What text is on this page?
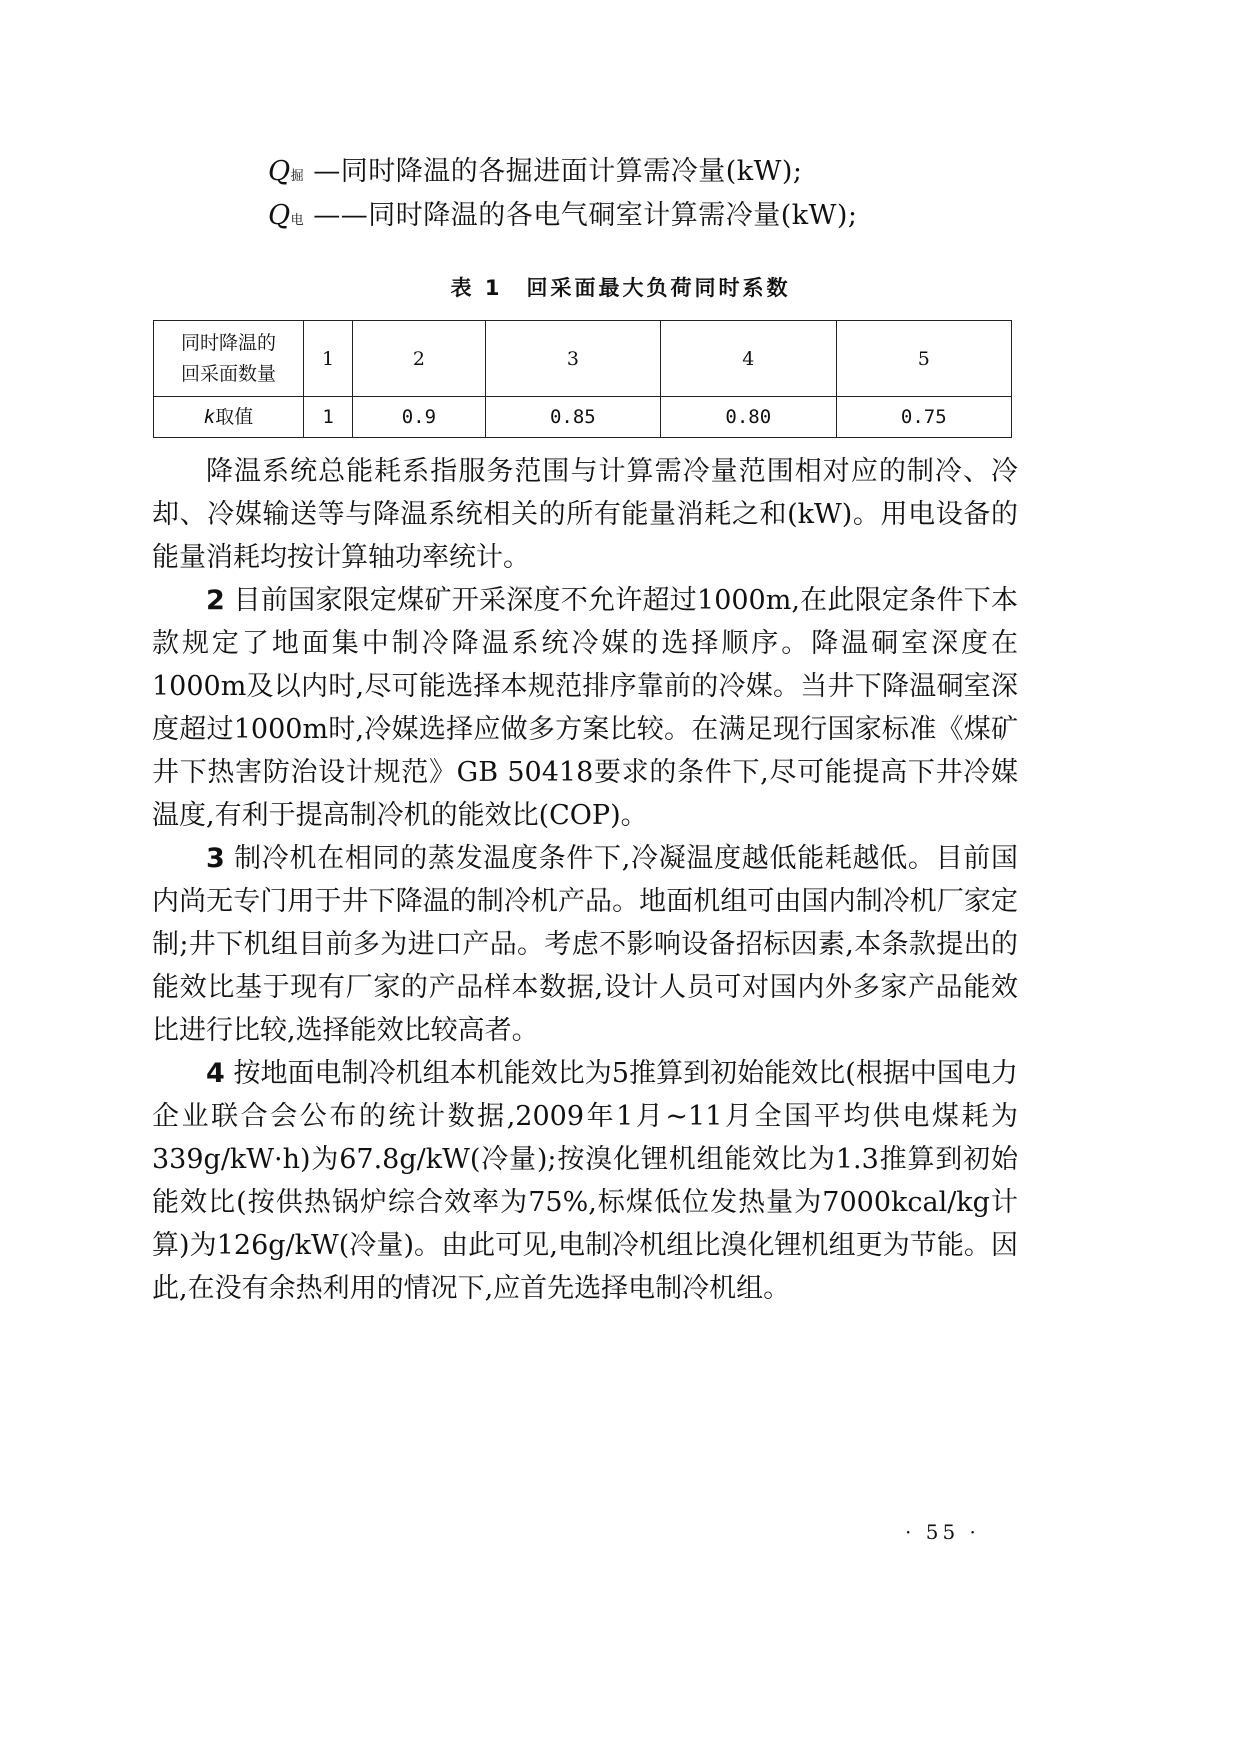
Q掘 —同时降温的各掘进面计算需冷量(kW);
Q电 ——同时降温的各电气硐室计算需冷量(kW);
表 1　回采面最大负荷同时系数
同时降温的
回采面数量	1	2	3	4	5
k取值	1	0.9	0.85	0.80	0.75

降温系统总能耗系指服务范围与计算需冷量范围相对应的制冷、冷却、冷媒输送等与降温系统相关的所有能量消耗之和(kW)。用电设备的能量消耗均按计算轴功率统计。

2 目前国家限定煤矿开采深度不允许超过1000m,在此限定条件下本款规定了地面集中制冷降温系统冷媒的选择顺序。降温硐室深度在1000m及以内时,尽可能选择本规范排序靠前的冷媒。当井下降温硐室深度超过1000m时,冷媒选择应做多方案比较。在满足现行国家标准《煤矿井下热害防治设计规范》GB 50418要求的条件下,尽可能提高下井冷媒温度,有利于提高制冷机的能效比(COP)。

3 制冷机在相同的蒸发温度条件下,冷凝温度越低能耗越低。目前国内尚无专门用于井下降温的制冷机产品。地面机组可由国内制冷机厂家定制;井下机组目前多为进口产品。考虑不影响设备招标因素,本条款提出的能效比基于现有厂家的产品样本数据,设计人员可对国内外多家产品能效比进行比较,选择能效比较高者。

4 按地面电制冷机组本机能效比为5推算到初始能效比(根据中国电力企业联合会公布的统计数据,2009年1月~11月全国平均供电煤耗为339g/kW·h)为67.8g/kW(冷量);按溴化锂机组能效比为1.3推算到初始能效比(按供热锅炉综合效率为75%,标煤低位发热量为7000kcal/kg计算)为126g/kW(冷量)。由此可见,电制冷机组比溴化锂机组更为节能。因此,在没有余热利用的情况下,应首先选择电制冷机组。

· 55 ·
